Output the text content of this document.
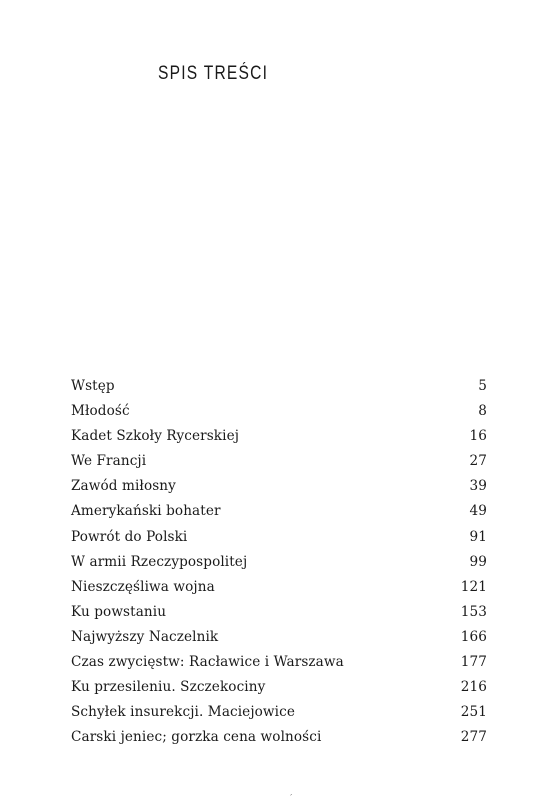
SPIS TREŚCI
Wstęp	5
Młodość	8
Kadet Szkoły Rycerskiej	16
We Francji	27
Zawód miłosny	39
Amerykański bohater	49
Powrót do Polski	91
W armii Rzeczypospolitej	99
Nieszczęśliwa wojna	121
Ku powstaniu	153
Najwyższy Naczelnik	166
Czas zwycięstw: Racławice i Warszawa	177
Ku przesileniu. Szczekociny	216
Schyłek insurekcji. Maciejowice	251
Carski jeniec; gorzka cena wolności	277
´
